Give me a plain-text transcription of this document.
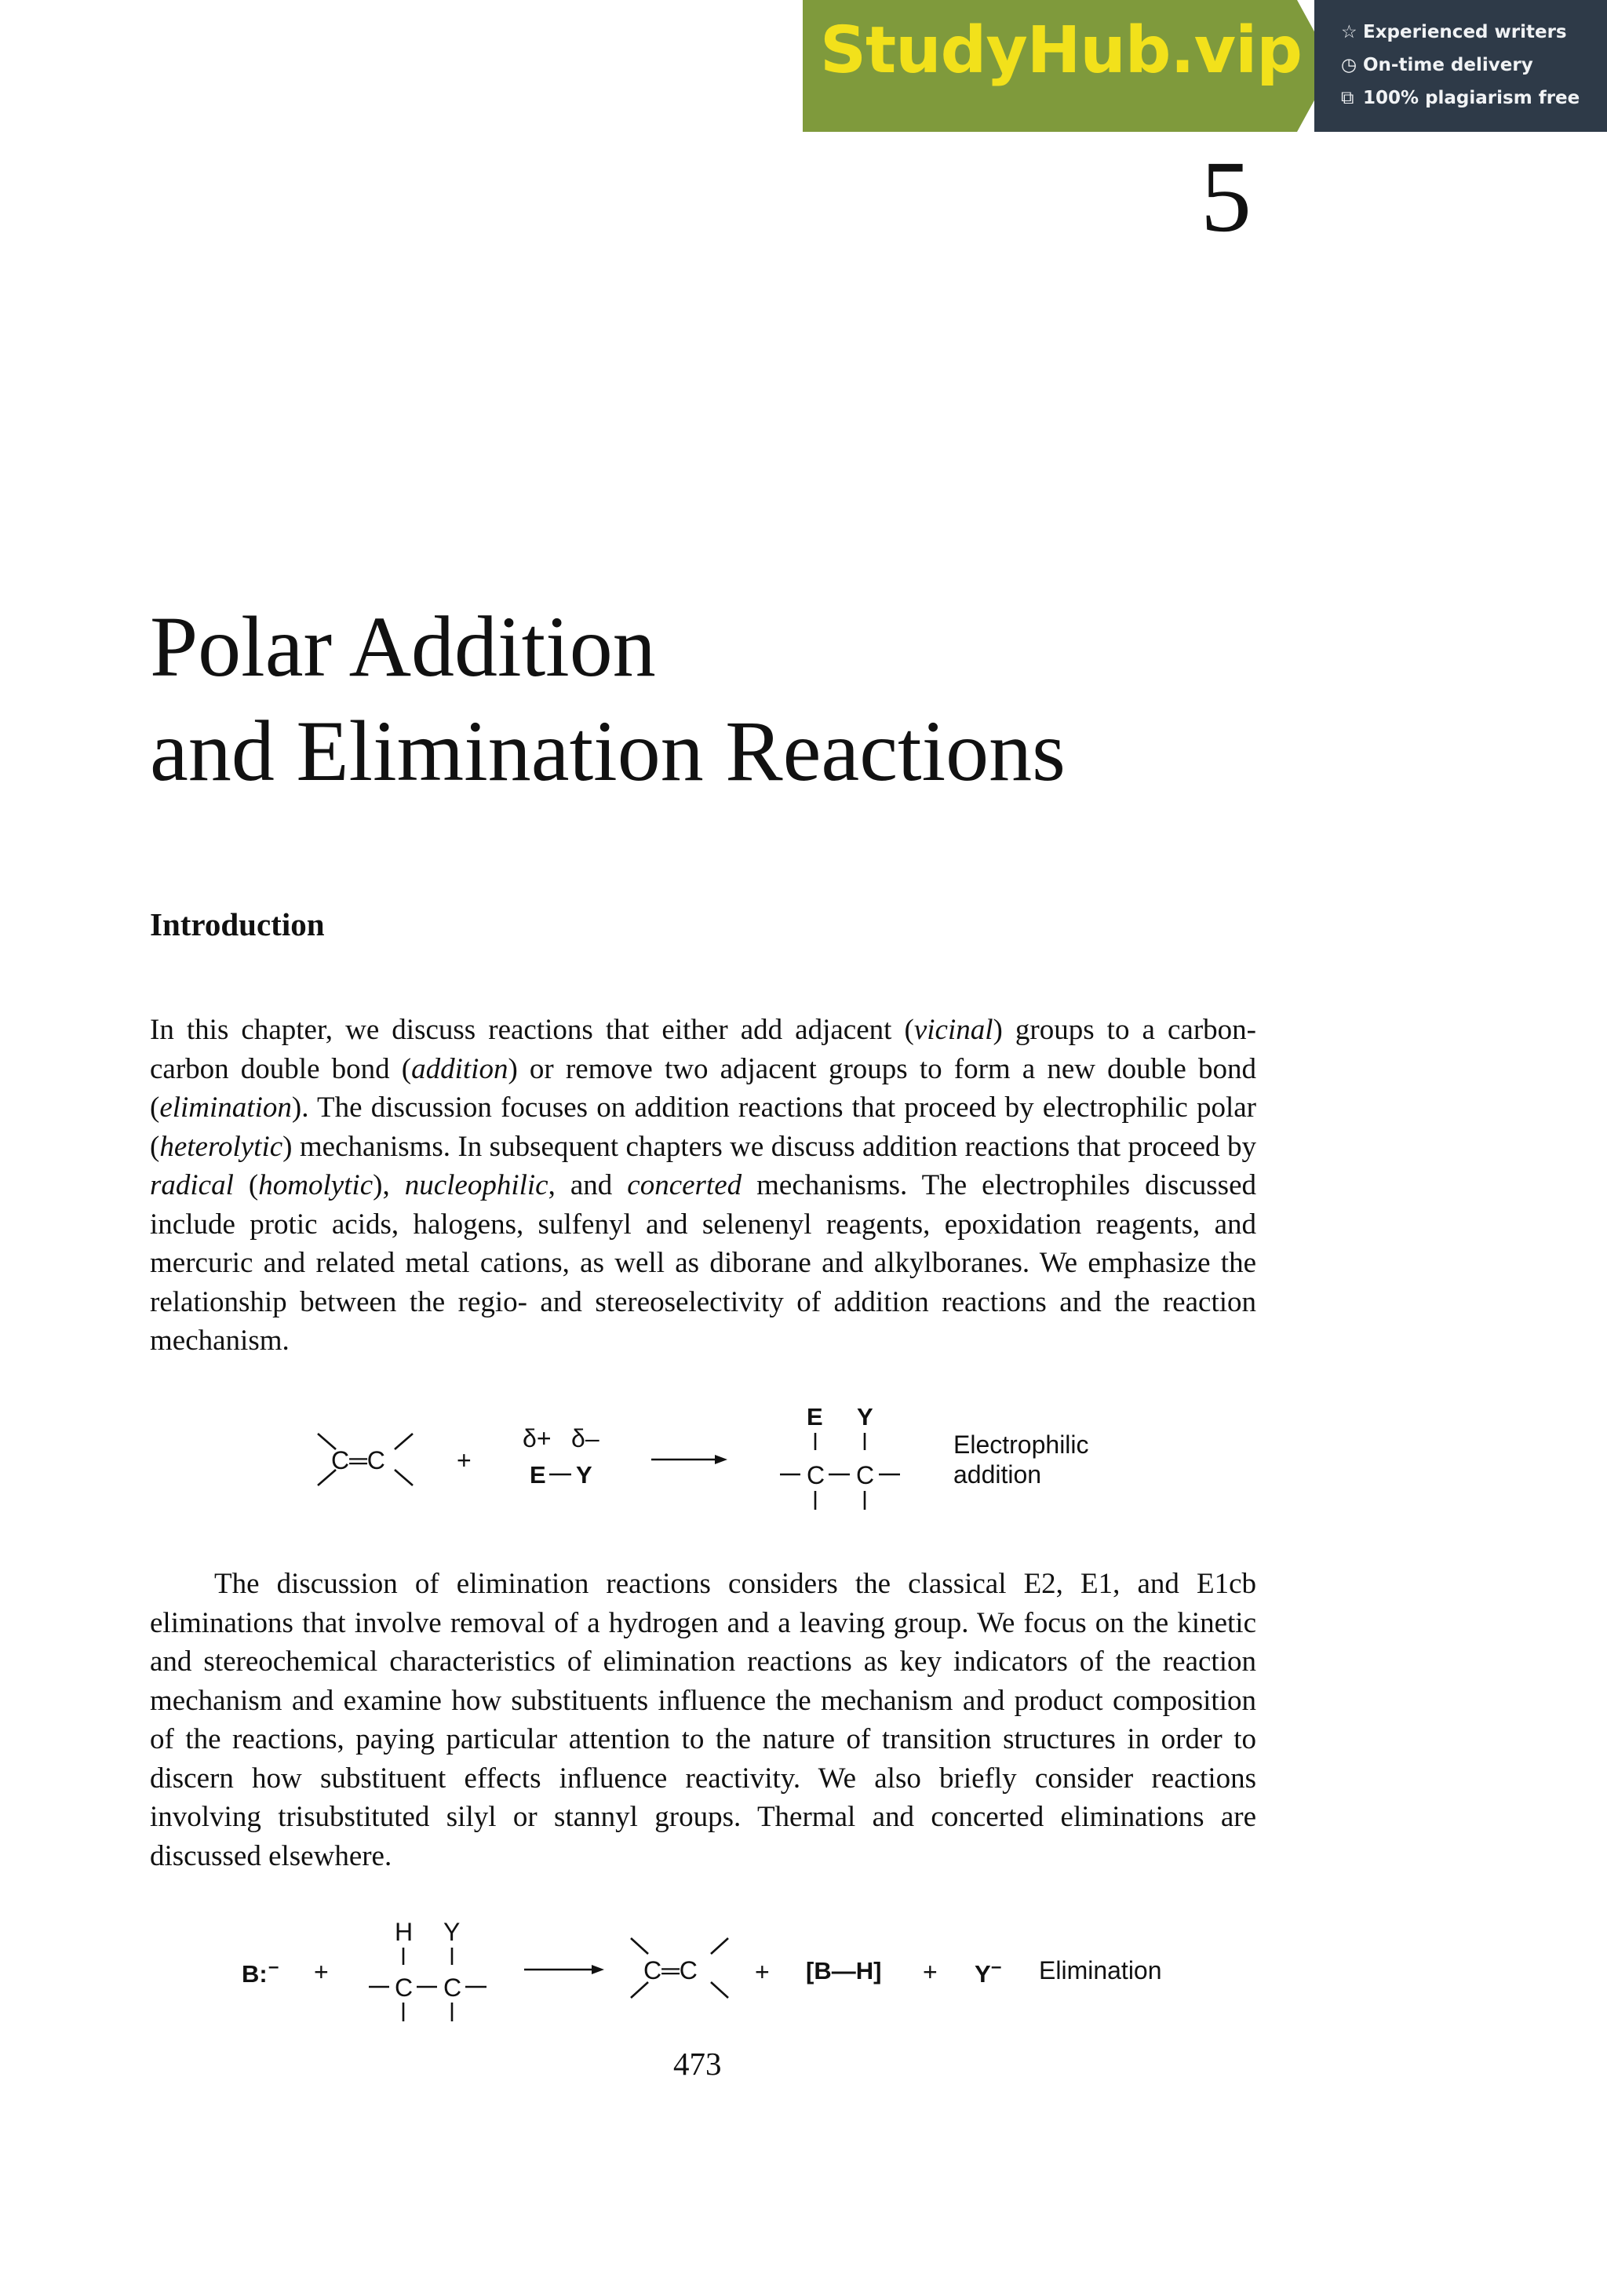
StudyHub.vip ☆ Experienced writers
◷ On-time delivery
⧉ 100% plagiarism free
5
Polar Addition
and Elimination Reactions
Introduction

In this chapter, we discuss reactions that either add adjacent (vicinal) groups to a carbon-carbon double bond (addition) or remove two adjacent groups to form a new double bond (elimination). The discussion focuses on addition reactions that proceed by electrophilic polar (heterolytic) mechanisms. In subsequent chapters we discuss addition reactions that proceed by radical (homolytic), nucleophilic, and concerted mechanisms. The electrophiles discussed include protic acids, halogens, sulfenyl and selenenyl reagents, epoxidation reagents, and mercuric and related metal cations, as well as diborane and alkylboranes. We emphasize the relationship between the regio- and stereoselectivity of addition reactions and the reaction mechanism.

C═C	+
δ+ δ–
E Y
E Y
C C
Electrophilic
addition

The discussion of elimination reactions considers the classical E2, E1, and E1cb eliminations that involve removal of a hydrogen and a leaving group. We focus on the kinetic and stereochemical characteristics of elimination reactions as key indicators of the reaction mechanism and examine how substituents influence the mechanism and product composition of the reactions, paying particular attention to the nature of transition structures in order to discern how substituent effects influence reactivity. We also briefly consider reactions involving trisubstituted silyl or stannyl groups. Thermal and concerted eliminations are discussed elsewhere.

B: – +
H Y
C C
C═C + [B—H] + Y – Elimination
473
